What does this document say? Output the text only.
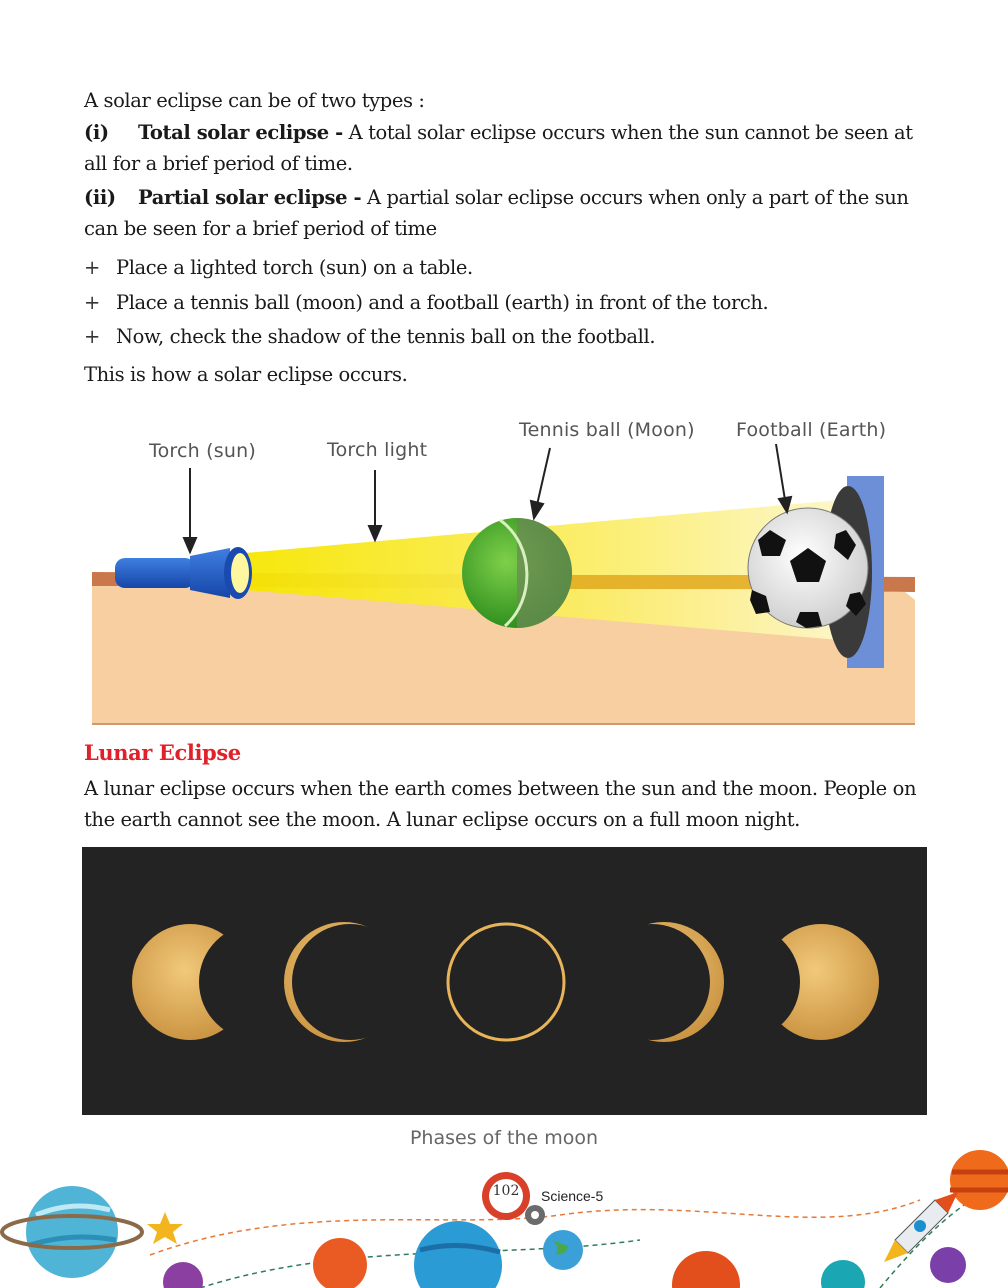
A solar eclipse can be of two types :
(i) Total solar eclipse - A total solar eclipse occurs when the sun cannot be seen at
all for a brief period of time.
(ii) Partial solar eclipse - A partial solar eclipse occurs when only a part of the sun
can be seen for a brief period of time
+ Place a lighted torch (sun) on a table.
+ Place a tennis ball (moon) and a football (earth) in front of the torch.
+ Now, check the shadow of the tennis ball on the football.
This is how a solar eclipse occurs.
Torch (sun)	Torch light
Tennis ball (Moon) Football (Earth)
Lunar Eclipse
A lunar eclipse occurs when the earth comes between the sun and the moon. People on
the earth cannot see the moon. A lunar eclipse occurs on a full moon night.
Phases of the moon
102 Science-5
